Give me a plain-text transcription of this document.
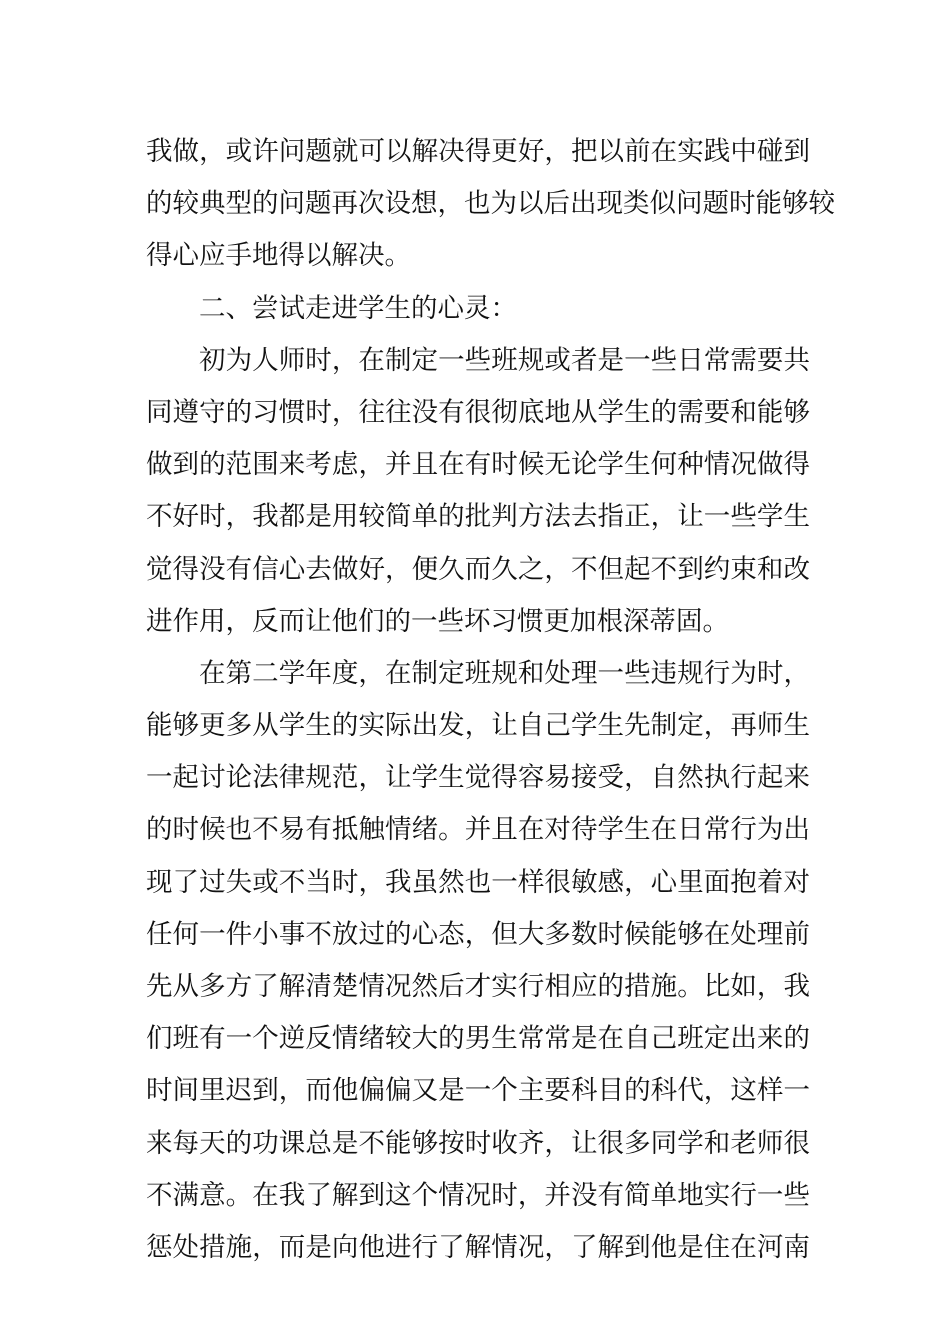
我做，或许问题就可以解决得更好，把以前在实践中碰到
的较典型的问题再次设想，也为以后出现类似问题时能够较
得心应手地得以解决。
二、尝试走进学生的心灵：
初为人师时，在制定一些班规或者是一些日常需要共
同遵守的习惯时，往往没有很彻底地从学生的需要和能够
做到的范围来考虑，并且在有时候无论学生何种情况做得
不好时，我都是用较简单的批判方法去指正，让一些学生
觉得没有信心去做好，便久而久之，不但起不到约束和改
进作用，反而让他们的一些坏习惯更加根深蒂固。
在第二学年度，在制定班规和处理一些违规行为时，
能够更多从学生的实际出发，让自己学生先制定，再师生
一起讨论法律规范，让学生觉得容易接受，自然执行起来
的时候也不易有抵触情绪。并且在对待学生在日常行为出
现了过失或不当时，我虽然也一样很敏感，心里面抱着对
任何一件小事不放过的心态，但大多数时候能够在处理前
先从多方了解清楚情况然后才实行相应的措施。比如，我
们班有一个逆反情绪较大的男生常常是在自己班定出来的
时间里迟到，而他偏偏又是一个主要科目的科代，这样一
来每天的功课总是不能够按时收齐，让很多同学和老师很
不满意。在我了解到这个情况时，并没有简单地实行一些
惩处措施，而是向他进行了解情况，了解到他是住在河南
